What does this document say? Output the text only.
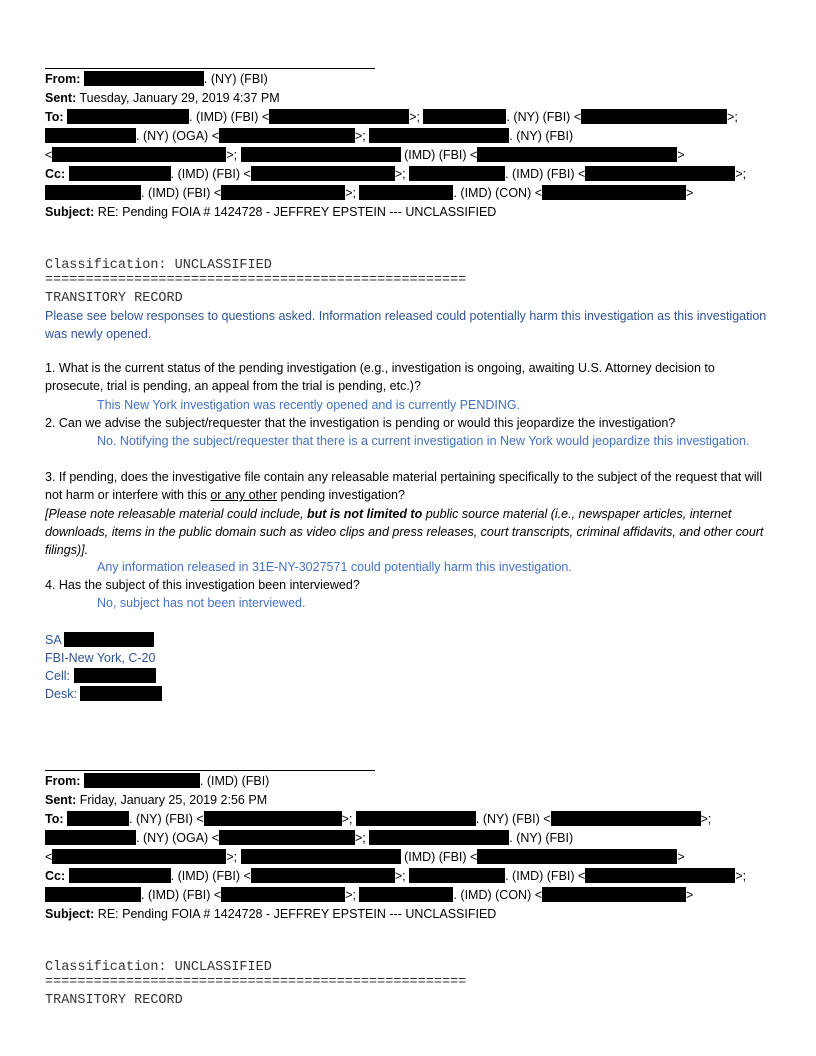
From:	. (NY) (FBI)
Sent: Tuesday, January 29, 2019 4:37 PM
To:	. (IMD) (FBI) <	>;	. (NY) (FBI) <	>;
. (NY) (OGA) <	>;	. (NY) (FBI)
<	>;	(IMD) (FBI) <	>
Cc:	. (IMD) (FBI) <	>;	. (IMD) (FBI) <	>;
. (IMD) (FBI) <	>;	. (IMD) (CON) <	>
Subject: RE: Pending FOIA # 1424728 - JEFFREY EPSTEIN --- UNCLASSIFIED
Classification: UNCLASSIFIED
====================================================
TRANSITORY RECORD
Please see below responses to questions asked. Information released could potentially harm this investigation as this investigation was newly opened.
1. What is the current status of the pending investigation (e.g., investigation is ongoing, awaiting U.S. Attorney decision to prosecute, trial is pending, an appeal from the trial is pending, etc.)?
This New York investigation was recently opened and is currently PENDING.
2. Can we advise the subject/requester that the investigation is pending or would this jeopardize the investigation?
No. Notifying the subject/requester that there is a current investigation in New York would jeopardize this investigation.
3. If pending, does the investigative file contain any releasable material pertaining specifically to the subject of the request that will not harm or interfere with this or any other pending investigation?
[Please note releasable material could include, but is not limited to public source material (i.e., newspaper articles, internet downloads, items in the public domain such as video clips and press releases, court transcripts, criminal affidavits, and other court filings)].
Any information released in 31E-NY-3027571 could potentially harm this investigation.
4. Has the subject of this investigation been interviewed?
No, subject has not been interviewed.
SA
FBI-New York, C-20
Cell:
Desk:
From:	. (IMD) (FBI)
Sent: Friday, January 25, 2019 2:56 PM
To:	. (NY) (FBI) <	>;	. (NY) (FBI) <	>;
. (NY) (OGA) <	>;	. (NY) (FBI)
<	>;	(IMD) (FBI) <	>
Cc:	. (IMD) (FBI) <	>;	. (IMD) (FBI) <	>;
. (IMD) (FBI) <	>;	. (IMD) (CON) <	>
Subject: RE: Pending FOIA # 1424728 - JEFFREY EPSTEIN --- UNCLASSIFIED
Classification: UNCLASSIFIED
====================================================
TRANSITORY RECORD
